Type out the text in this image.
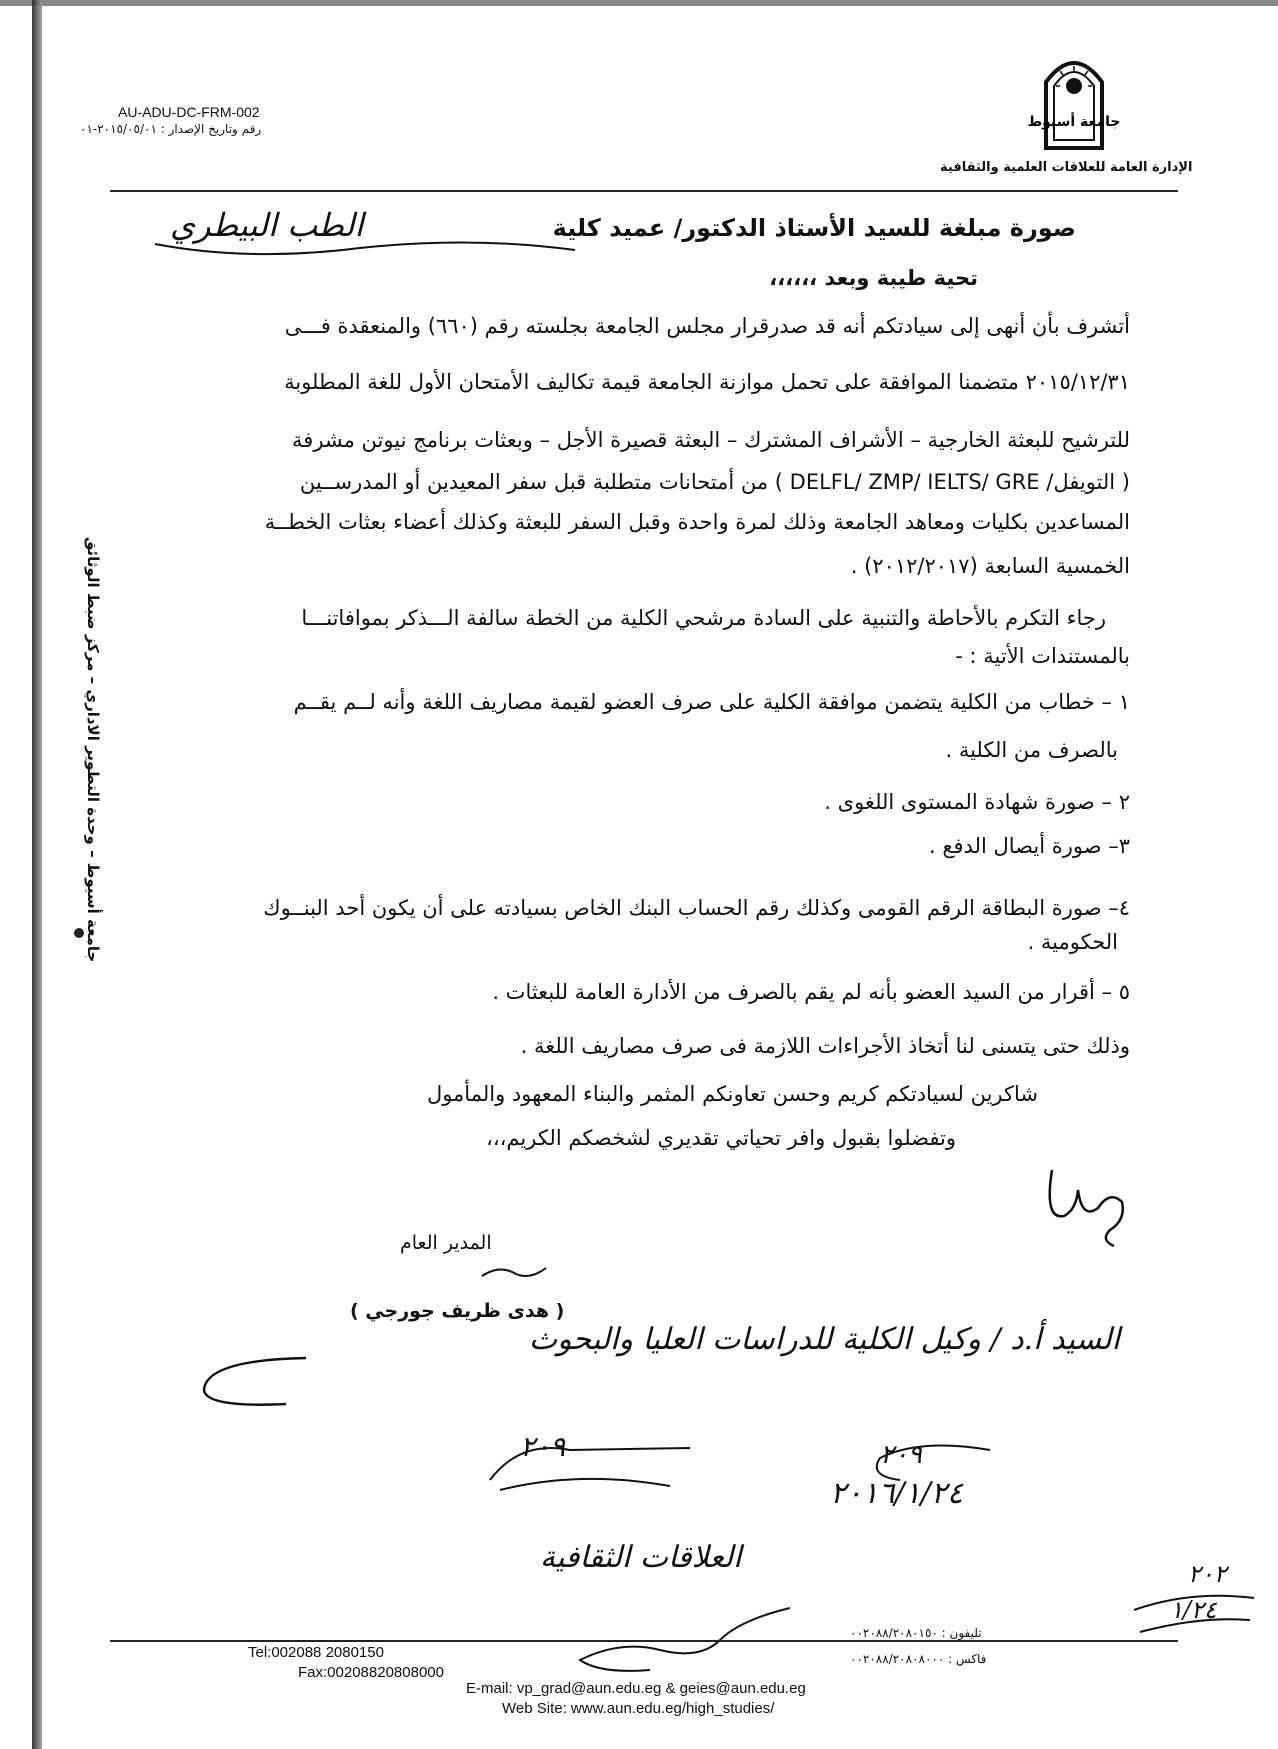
جامعة أسيوط – وحدة التطوير الاداري – مركز ضبط الوثائق
AU-ADU-DC-FRM-002
رقم وتاريخ الإصدار : ٢٠١٥/٠٥/٠١-٠١	جامعة أسيوط
الإدارة العامة للعلاقات العلمية والثقافية
صورة مبلغة للسيد الأستاذ الدكتور/ عميد كلية
الطب البيطري
تحية طيبة وبعد ،،،،،،
أتشرف بأن أنهى إلى سيادتكم أنه قد صدرقرار مجلس الجامعة بجلسته رقم (٦٦٠) والمنعقدة فـــى
٢٠١٥/١٢/٣١ متضمنا الموافقة على تحمل موازنة الجامعة قيمة تكاليف الأمتحان الأول للغة المطلوبة
للترشيح للبعثة الخارجية – الأشراف المشترك – البعثة قصيرة الأجل – وبعثات برنامج نيوتن مشرفة
( التويفل/ DELFL/ ZMP/ IELTS/ GRE ) من أمتحانات متطلبة قبل سفر المعيدين أو المدرســين
المساعدين بكليات ومعاهد الجامعة وذلك لمرة واحدة وقبل السفر للبعثة وكذلك أعضاء بعثات الخطــة
الخمسية السابعة (٢٠١٢/٢٠١٧) .
رجاء التكرم بالأحاطة والتنبية على السادة مرشحي الكلية من الخطة سالفة الـــذكر بموافاتنـــا
بالمستندات الأتية : -
١ – خطاب من الكلية يتضمن موافقة الكلية على صرف العضو لقيمة مصاريف اللغة وأنه لــم يقــم
بالصرف من الكلية .
٢ – صورة شهادة المستوى اللغوى .
٣– صورة أيصال الدفع .
٤– صورة البطاقة الرقم القومى وكذلك رقم الحساب البنك الخاص بسيادته على أن يكون أحد البنــوك
الحكومية .
٥ – أقرار من السيد العضو بأنه لم يقم بالصرف من الأدارة العامة للبعثات .
وذلك حتى يتسنى لنا أتخاذ الأجراءات اللازمة فى صرف مصاريف اللغة .
شاكرين لسيادتكم كريم وحسن تعاونكم المثمر والبناء المعهود والمأمول
وتفضلوا بقبول وافر تحياتي تقديري لشخصكم الكريم،،،
المدير العام
( هدى ظريف جورجي )
السيد أ.د / وكيل الكلية للدراسات العليا والبحوث
٢٠٩	٢٠٩
٢٠١٦/١/٢٤
العلاقات الثقافية	٢٠٢
١/٢٤
تليفون : ٠٠٢٠٨٨/٢٠٨٠١٥٠
فاكس : ٠٠٢٠٨٨/٢٠٨٠٨٠٠٠
Tel:002088 2080150
Fax:00208820808000
E-mail: vp_grad@aun.edu.eg & geies@aun.edu.eg
Web Site: www.aun.edu.eg/high_studies/
